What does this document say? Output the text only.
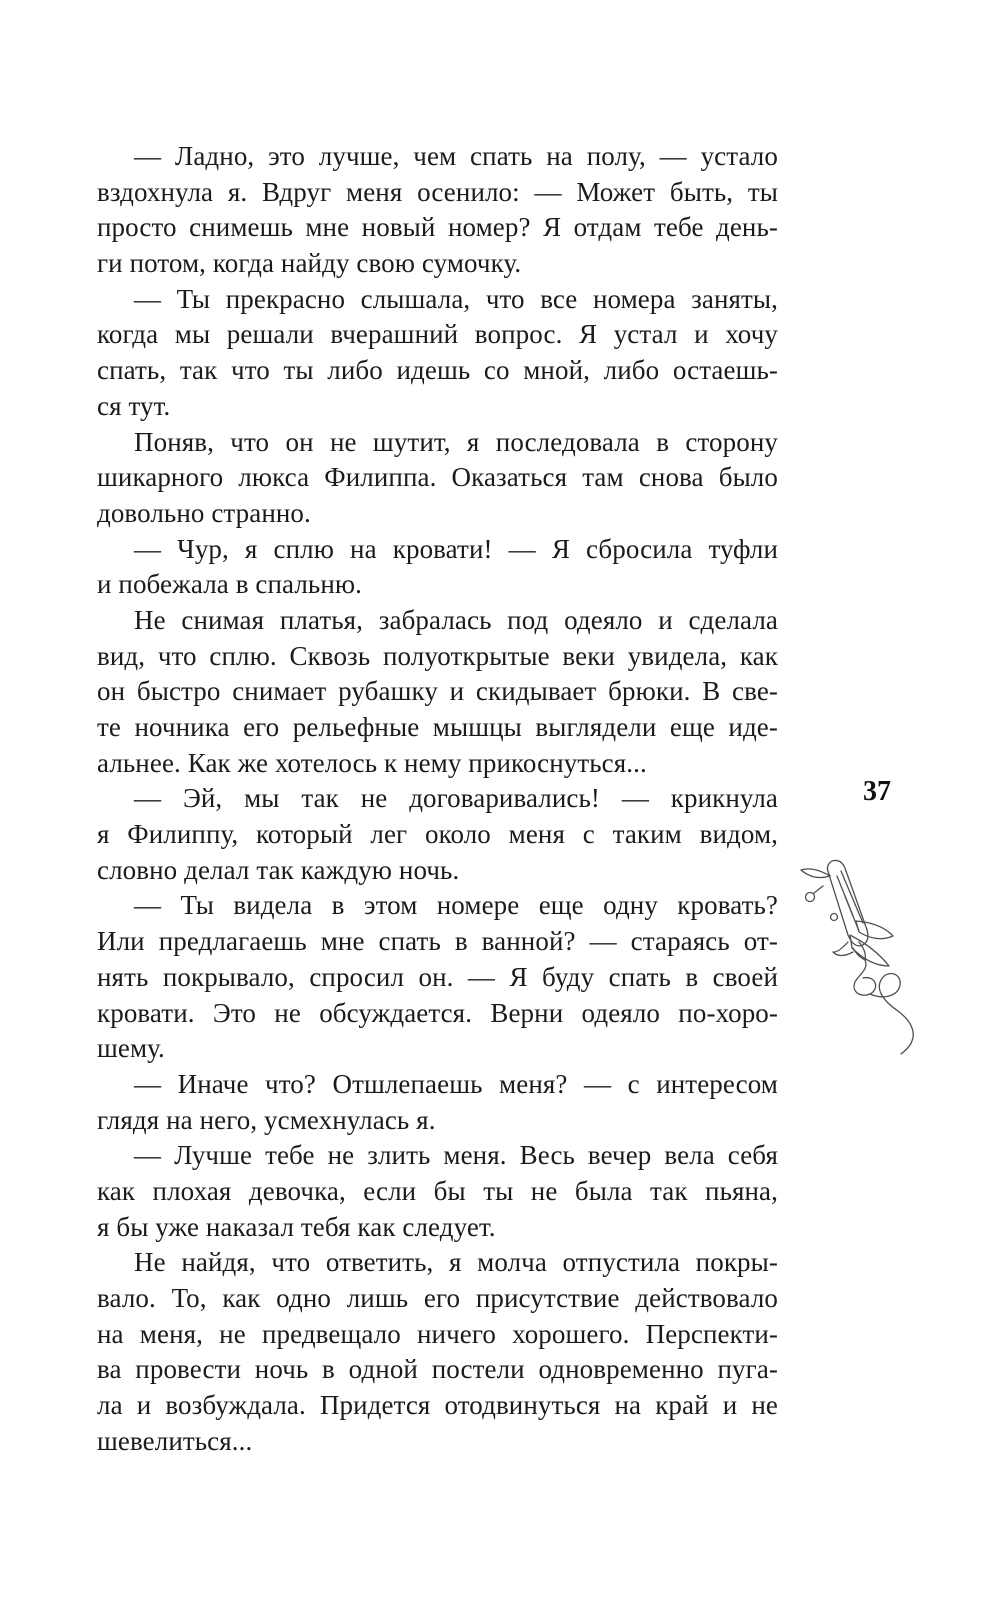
— Ладно, это лучше, чем спать на полу, — устало
вздохнула я. Вдруг меня осенило: — Может быть, ты
просто снимешь мне новый номер? Я отдам тебе день-
ги потом, когда найду свою сумочку.
— Ты прекрасно слышала, что все номера заняты,
когда мы решали вчерашний вопрос. Я устал и хочу
спать, так что ты либо идешь со мной, либо остаешь-
ся тут.
Поняв, что он не шутит, я последовала в сторону
шикарного люкса Филиппа. Оказаться там снова было
довольно странно.
— Чур, я сплю на кровати! — Я сбросила туфли
и побежала в спальню.
Не снимая платья, забралась под одеяло и сделала
вид, что сплю. Сквозь полуоткрытые веки увидела, как
он быстро снимает рубашку и скидывает брюки. В све-
те ночника его рельефные мышцы выглядели еще иде-
альнее. Как же хотелось к нему прикоснуться...
— Эй, мы так не договаривались! — крикнула
я Филиппу, который лег около меня с таким видом,
словно делал так каждую ночь.
— Ты видела в этом номере еще одну кровать?
Или предлагаешь мне спать в ванной? — стараясь от-
нять покрывало, спросил он. — Я буду спать в своей
кровати. Это не обсуждается. Верни одеяло по-хоро-
шему.
— Иначе что? Отшлепаешь меня? — с интересом
глядя на него, усмехнулась я.
— Лучше тебе не злить меня. Весь вечер вела себя
как плохая девочка, если бы ты не была так пьяна,
я бы уже наказал тебя как следует.
Не найдя, что ответить, я молча отпустила покры-
вало. То, как одно лишь его присутствие действовало
на меня, не предвещало ничего хорошего. Перспекти-
ва провести ночь в одной постели одновременно пуга-
ла и возбуждала. Придется отодвинуться на край и не
шевелиться...
37
